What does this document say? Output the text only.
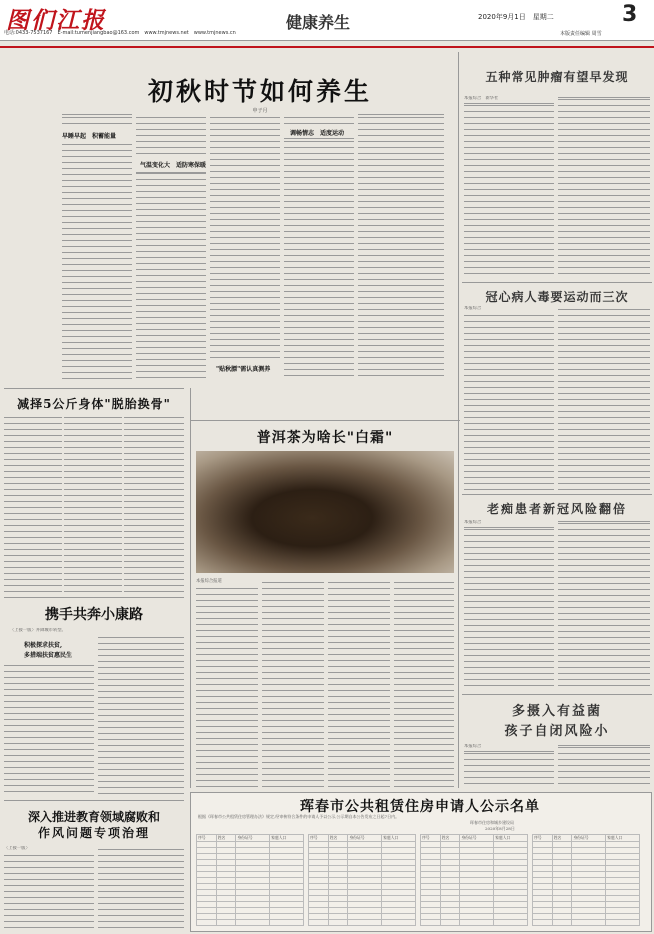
图们江报	健康养生	2020年9月1日　星期二	3
本版责任编辑 周雪
电话:0433-7537167　E-mail:tumenjiangbao@163.com　www.tmjnews.net　www.tmjnews.cn
初秋时节如何养生
申子月
早睡早起　积蓄能量
气温变化大　适防寒保暖
"贴秋膘"需认真测养
调畅情志　适度运动
减择5公斤身体"脱胎换骨"
携手共奔小康路
〈上接一版〉并降城市转型。
积极探求扶贫,
多措端扶贫惠民生
深入推进教育领域腐败和
作风问题专项治理
〈上接一版〉
普洱茶为啥长"白霜"
本报综合报道
五种常见肿瘤有望早发现
本报综合　新华社
冠心病人毒要运动而三次
本报综合
老痴患者新冠风险翻倍
本报综合
多摄入有益菌
孩子自闭风险小
本报综合
珲春市公共租赁住房申请人公示名单
根据《珲春市公共租赁住房管理办法》规定,经审核符合条件的申请人予以公示,公示期自本公告发布之日起7日内。
珲春市住房和城乡建设局
2020年8月28日
序号	姓名	身份证号	家庭人口

				序号	姓名	身份证号	家庭人口

				序号	姓名	身份证号	家庭人口

				序号	姓名	身份证号	家庭人口
